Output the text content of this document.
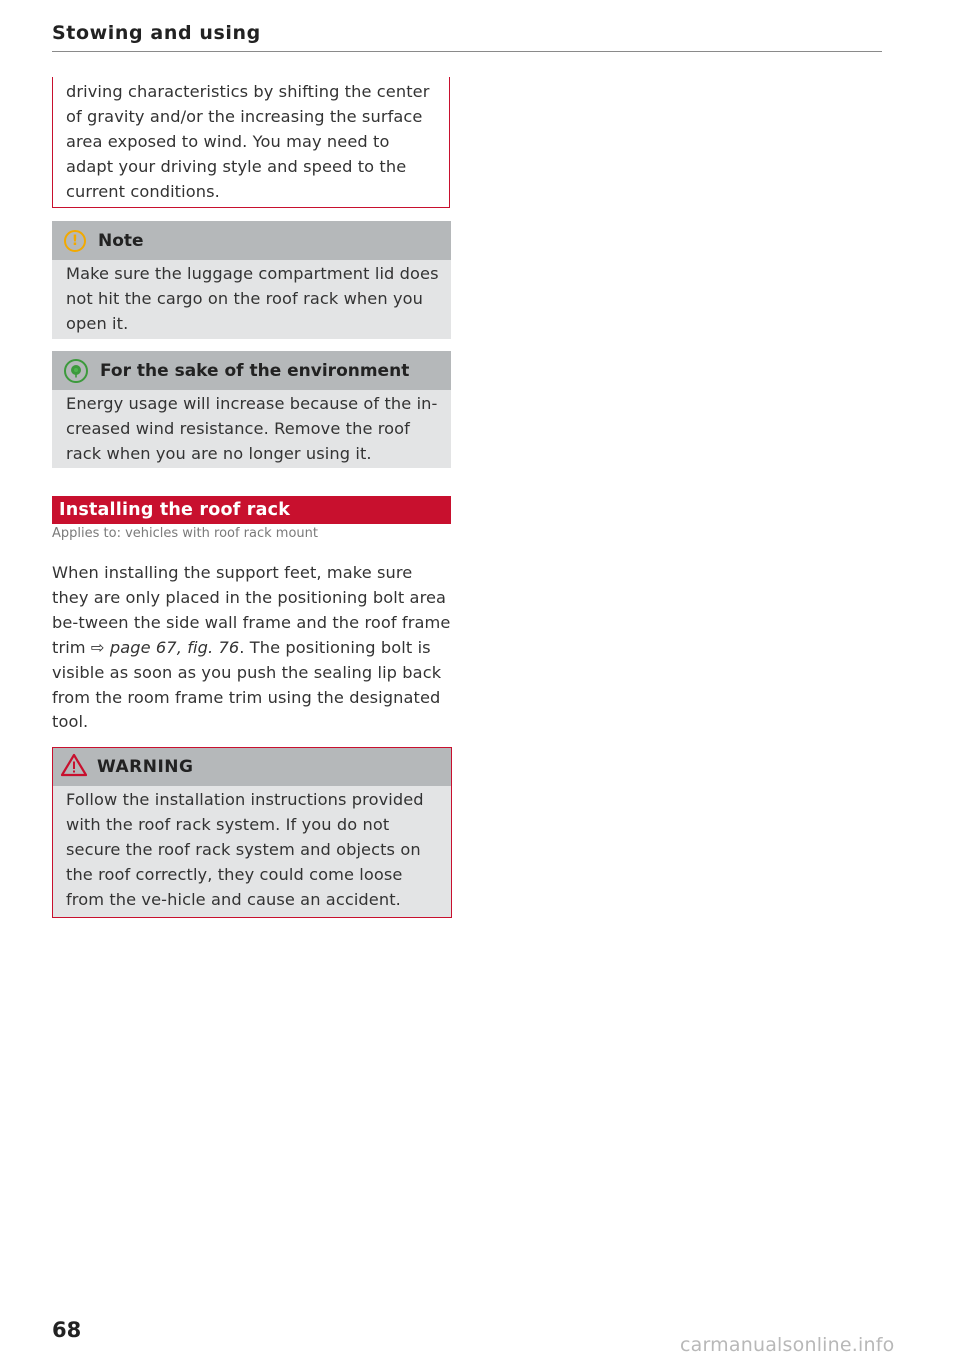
Stowing and using
driving characteristics by shifting the center of gravity and/or the increasing the surface area exposed to wind. You may need to adapt your driving style and speed to the current conditions.
!	Note
Make sure the luggage compartment lid does not hit the cargo on the roof rack when you open it.
For the sake of the environment
Energy usage will increase because of the in-creased wind resistance. Remove the roof rack when you are no longer using it.
Installing the roof rack
Applies to: vehicles with roof rack mount
When installing the support feet, make sure they are only placed in the positioning bolt area be-tween the side wall frame and the roof frame trim ⇨ page 67, fig. 76. The positioning bolt is visible as soon as you push the sealing lip back from the room frame trim using the designated tool.
WARNING
Follow the installation instructions provided with the roof rack system. If you do not secure the roof rack system and objects on the roof correctly, they could come loose from the ve-hicle and cause an accident.
68
carmanualsonline.info
